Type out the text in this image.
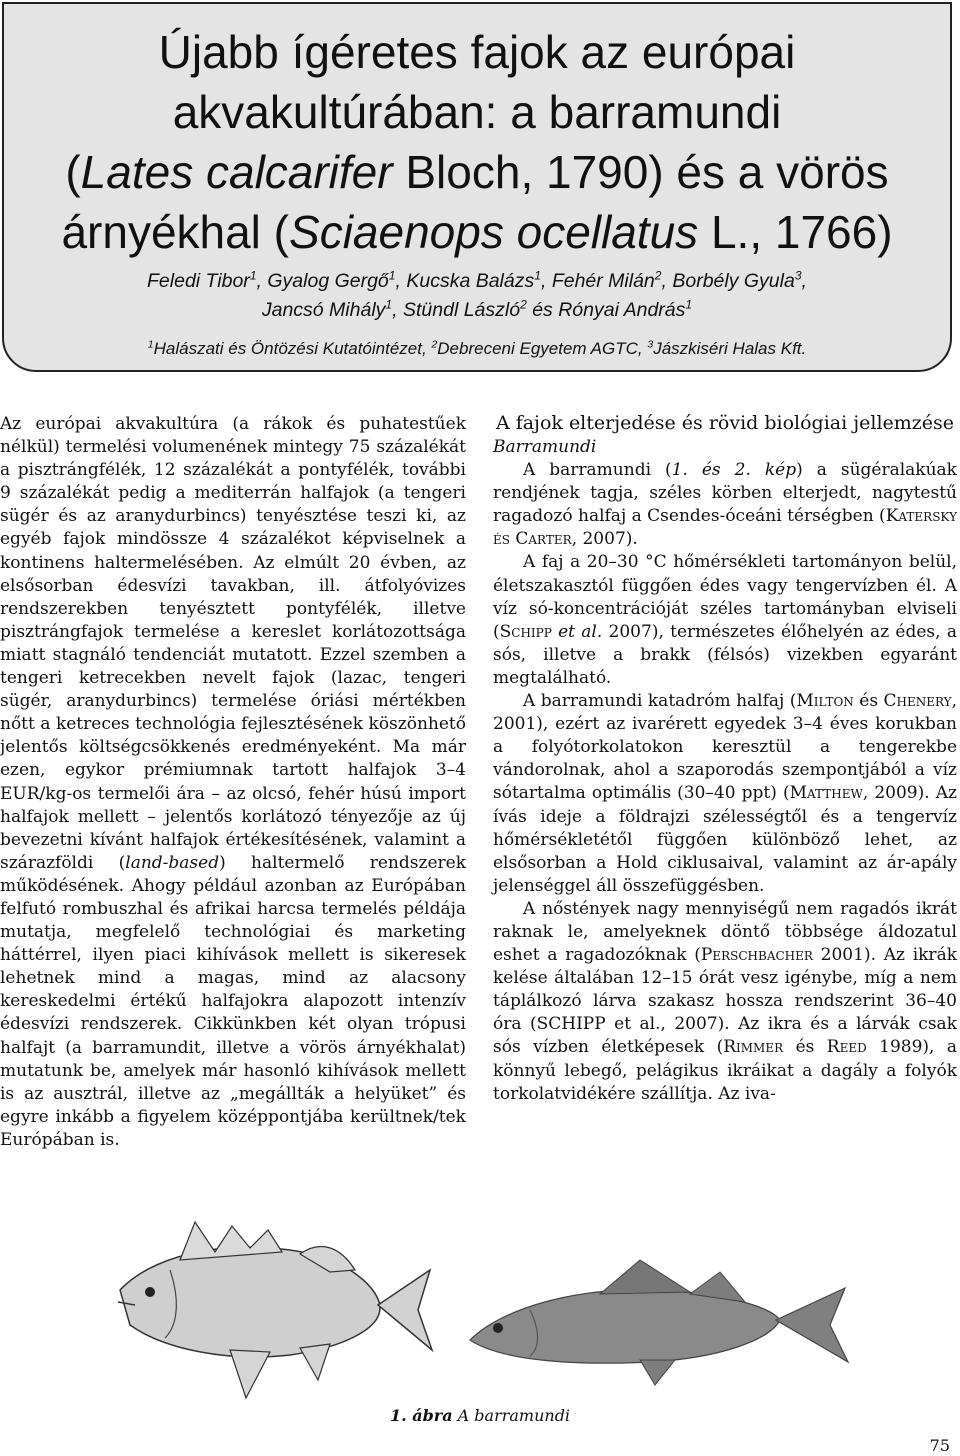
Újabb ígéretes fajok az európai
akvakultúrában: a barramundi
(Lates calcarifer Bloch, 1790) és a vörös
árnyékhal (Sciaenops ocellatus L., 1766)
Feledi Tibor$^1$, Gyalog Gergő$^1$, Kucska Balázs$^1$, Fehér Milán$^2$, Borbély Gyula$^3$,
Jancsó Mihály$^1$, Stündl László$^2$ és Rónyai András$^1$
$^1$Halászati és Öntözési Kutatóintézet, $^2$Debreceni Egyetem AGTC, $^3$Jászkiséri Halas Kft.

Az európai akvakultúra (a rákok és puhatestűek nélkül) termelési volumenének mintegy 75 százalékát a pisztrángfélék, 12 százalékát a pontyfélék, további 9 százalékát pedig a mediterrán halfajok (a tengeri sügér és az aranydurbincs) tenyésztése teszi ki, az egyéb fajok mindössze 4 százalékot képviselnek a kontinens haltermelésében. Az elmúlt 20 évben, az elsősorban édesvízi tavakban, ill. átfolyóvizes rendszerekben tenyésztett pontyfélék, illetve pisztrángfajok termelése a kereslet korlátozottsága miatt stagnáló tendenciát mutatott. Ezzel szemben a tengeri ketrecekben nevelt fajok (lazac, tengeri sügér, aranydurbincs) termelése óriási mértékben nőtt a ketreces technológia fejlesztésének köszönhető jelentős költségcsökkenés eredményeként. Ma már ezen, egykor prémiumnak tartott halfajok 3–4 EUR/kg-os termelői ára – az olcsó, fehér húsú import halfajok mellett – jelentős korlátozó tényezője az új bevezetni kívánt halfajok értékesítésének, valamint a szárazföldi (land-based) haltermelő rendszerek működésének. Ahogy például azonban az Európában felfutó rombuszhal és afrikai harcsa termelés példája mutatja, megfelelő technológiai és marketing háttérrel, ilyen piaci kihívások mellett is sikeresek lehetnek mind a magas, mind az alacsony kereskedelmi értékű halfajokra alapozott intenzív édesvízi rendszerek. Cikkünkben két olyan trópusi halfajt (a barramundit, illetve a vörös árnyékhalat) mutatunk be, amelyek már hasonló kihívások mellett is az ausztrál, illetve az „megállták a helyüket” és egyre inkább a figyelem középpontjába kerültnek/tek Európában is.

A fajok elterjedése és rövid biológiai jellemzése

Barramundi

A barramundi (1. és 2. kép) a sügéralakúak rendjének tagja, széles körben elterjedt, nagytestű ragadozó halfaj a Csendes-óceáni térségben (Katersky és Carter, 2007).

A faj a 20–30 °C hőmérsékleti tartományon belül, életszakasztól függően édes vagy tengervízben él. A víz só-koncentrációját széles tartományban elviseli (Schipp et al. 2007), természetes élőhelyén az édes, a sós, illetve a brakk (félsós) vizekben egyaránt megtalálható.

A barramundi katadróm halfaj (Milton és Chenery, 2001), ezért az ivarérett egyedek 3–4 éves korukban a folyótorkolatokon keresztül a tengerekbe vándorolnak, ahol a szaporodás szempontjából a víz sótartalma optimális (30–40 ppt) (Matthew, 2009). Az ívás ideje a földrajzi szélességtől és a tengervíz hőmérsékletétől függően különböző lehet, az elsősorban a Hold ciklusaival, valamint az ár-apály jelenséggel áll összefüggésben.

A nőstények nagy mennyiségű nem ragadós ikrát raknak le, amelyeknek döntő többsége áldozatul eshet a ragadozóknak (Perschbacher 2001). Az ikrák kelése általában 12–15 órát vesz igénybe, míg a nem táplálkozó lárva szakasz hossza rendszerint 36–40 óra (SCHIPP et al., 2007). Az ikra és a lárvák csak sós vízben életképesek (Rimmer és Reed 1989), a könnyű lebegő, pelágikus ikráikat a dagály a folyók torkolatvidékére szállítja. Az iva-

1. ábra A barramundi
75
